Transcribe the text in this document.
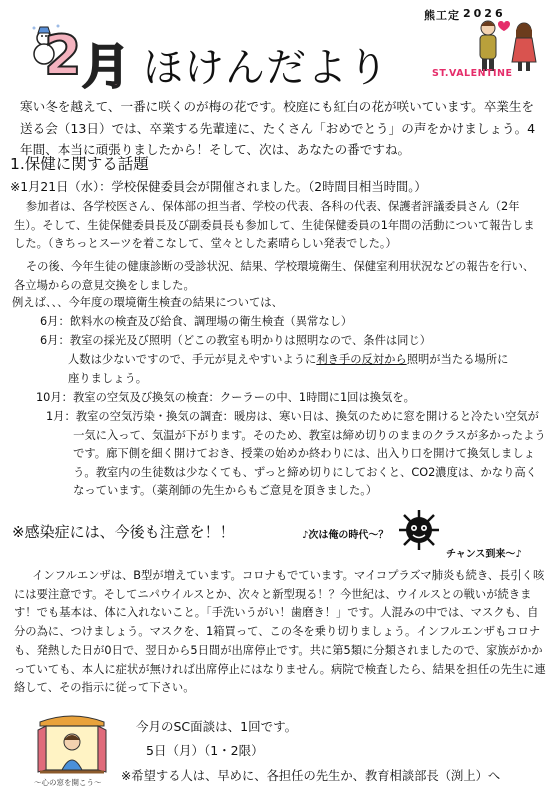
熊工定 2026
2 月 ほけんだより	ST.VALENTINE
寒い冬を越えて、一番に咲くのが梅の花です。校庭にも紅白の花が咲いています。卒業生を送る会（13日）では、卒業する先輩達に、たくさん「おめでとう」の声をかけましょう。4年間、本当に頑張りましたから！そして、次は、あなたの番ですね。
1.保健に関する話題
※1月21日（水）：学校保健委員会が開催されました。（2時間目相当時間。）
参加者は、各学校医さん、保体部の担当者、学校の代表、各科の代表、保護者評議委員さん（2年生）。そして、生徒保健委員長及び副委員長も参加して、生徒保健委員の1年間の活動について報告しました。（きちっとスーツを着こなして、堂々とした素晴らしい発表でした。）
その後、今年生徒の健康診断の受診状況、結果、学校環境衛生、保健室利用状況などの報告を行い、各立場からの意見交換をしました。
例えば、、、今年度の環境衛生検査の結果については、
6月：飲料水の検査及び給食、調理場の衛生検査（異常なし）
6月：教室の採光及び照明（どこの教室も明かりは照明なので、条件は同じ）
人数は少ないですので、手元が見えやすいように利き手の反対から照明が当たる場所に
座りましょう。
10月：教室の空気及び換気の検査：クーラーの中、1時間に1回は換気を。
1月：教室の空気汚染・換気の調査：暖房は、寒い日は、換気のために窓を開けると冷たい空気が一気に入って、気温が下がります。そのため、教室は締め切りのままのクラスが多かったようです。廊下側を細く開けておき、授業の始めか終わりには、出入り口を開けて換気しましょう。教室内の生徒数は少なくても、ずっと締め切りにしておくと、CO2濃度は、かなり高くなっています。（薬剤師の先生からもご意見を頂きました。）
※感染症には、今後も注意を！！	♪次は俺の時代〜？
チャンス到来〜♪
インフルエンザは、B型が増えています。コロナもでています。マイコプラズマ肺炎も続き、長引く咳には要注意です。そしてニパウイルスとか、次々と新型現る！？今世紀は、ウイルスとの戦いが続きます！でも基本は、体に入れないこと。「手洗いうがい！歯磨き！」です。人混みの中では、マスクも、自分の為に、つけましょう。マスクを、1箱買って、この冬を乗り切りましょう。インフルエンザもコロナも、発熱した日が0日で、翌日から5日間が出席停止です。共に第5類に分類されましたので、家族がかかっていても、本人に症状が無ければ出席停止にはなりません。病院で検査したら、結果を担任の先生に連絡して、その指示に従って下さい。
〜心の窓を開こう〜
今月のSC面談は、1回です。
5日（月）（1・2限）
※希望する人は、早めに、各担任の先生か、教育相談部長（渕上）へ
